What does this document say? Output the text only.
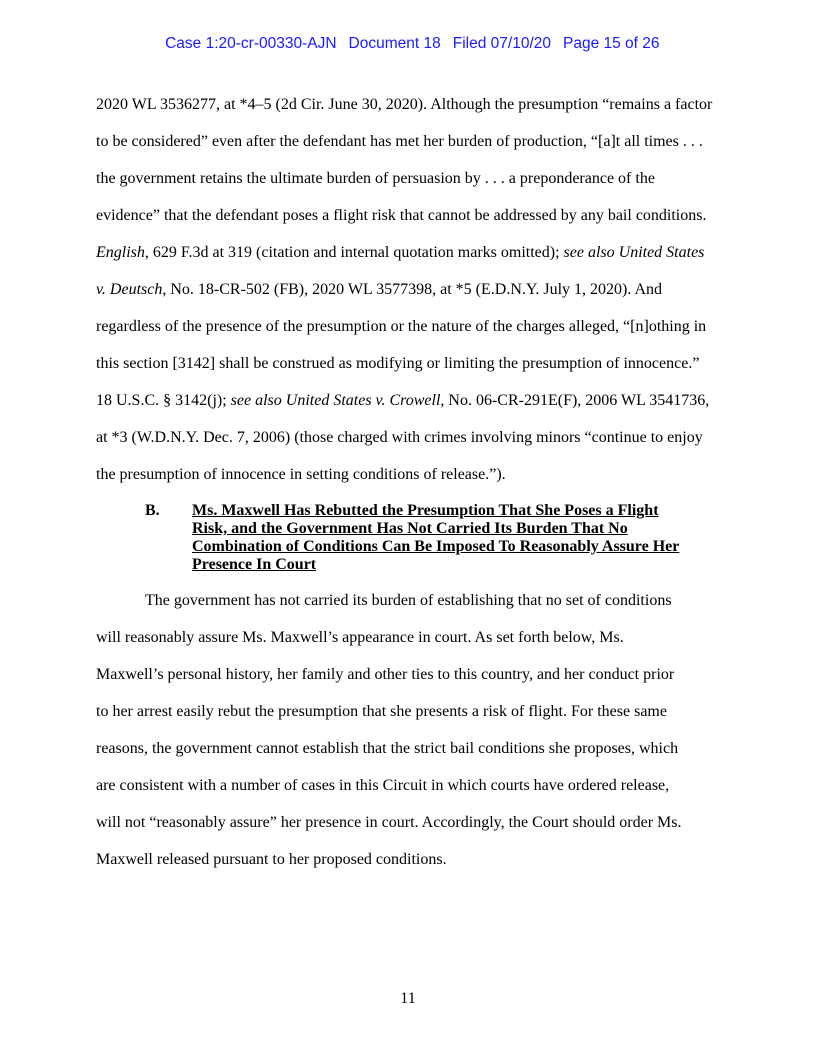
Case 1:20-cr-00330-AJN Document 18 Filed 07/10/20 Page 15 of 26

2020 WL 3536277, at *4–5 (2d Cir. June 30, 2020). Although the presumption “remains a factor
to be considered” even after the defendant has met her burden of production, “[a]t all times . . .
the government retains the ultimate burden of persuasion by . . . a preponderance of the
evidence” that the defendant poses a flight risk that cannot be addressed by any bail conditions.
English, 629 F.3d at 319 (citation and internal quotation marks omitted); see also United States
v. Deutsch, No. 18-CR-502 (FB), 2020 WL 3577398, at *5 (E.D.N.Y. July 1, 2020). And
regardless of the presence of the presumption or the nature of the charges alleged, “[n]othing in
this section [3142] shall be construed as modifying or limiting the presumption of innocence.”
18 U.S.C. § 3142(j); see also United States v. Crowell, No. 06-CR-291E(F), 2006 WL 3541736,
at *3 (W.D.N.Y. Dec. 7, 2006) (those charged with crimes involving minors “continue to enjoy
the presumption of innocence in setting conditions of release.”).
B. Ms. Maxwell Has Rebutted the Presumption That She Poses a Flight
Risk, and the Government Has Not Carried Its Burden That No
Combination of Conditions Can Be Imposed To Reasonably Assure Her
Presence In Court
The government has not carried its burden of establishing that no set of conditions
will reasonably assure Ms. Maxwell’s appearance in court. As set forth below, Ms.
Maxwell’s personal history, her family and other ties to this country, and her conduct prior
to her arrest easily rebut the presumption that she presents a risk of flight. For these same
reasons, the government cannot establish that the strict bail conditions she proposes, which
are consistent with a number of cases in this Circuit in which courts have ordered release,
will not “reasonably assure” her presence in court. Accordingly, the Court should order Ms.
Maxwell released pursuant to her proposed conditions.
11
